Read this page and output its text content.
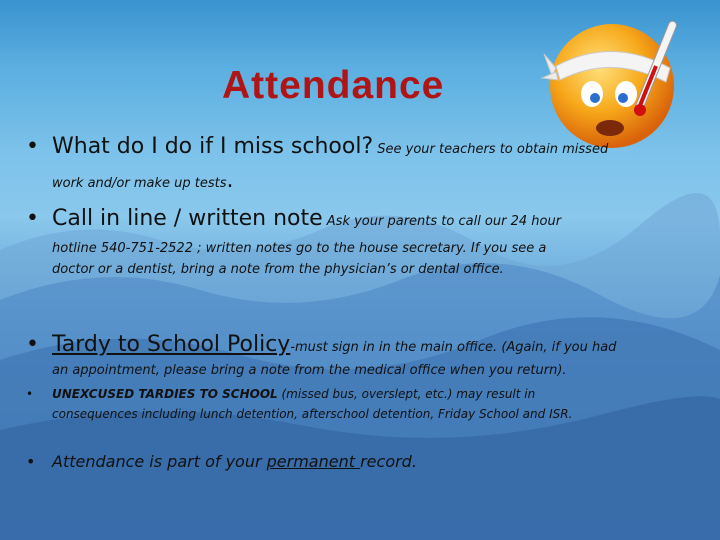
Attendance
• What do I do if I miss school? See your teachers to obtain missed
work and/or make up tests.
• Call in line / written note Ask your parents to call our 24 hour
hotline 540-751-2522 ; written notes go to the house secretary. If you see a
doctor or a dentist, bring a note from the physician’s or dental office.
• Tardy to School Policy-must sign in in the main office. (Again, if you had
an appointment, please bring a note from the medical office when you return).
•	UNEXCUSED TARDIES TO SCHOOL (missed bus, overslept, etc.) may result in
consequences including lunch detention, afterschool detention, Friday School and ISR.
•	Attendance is part of your permanent record.
